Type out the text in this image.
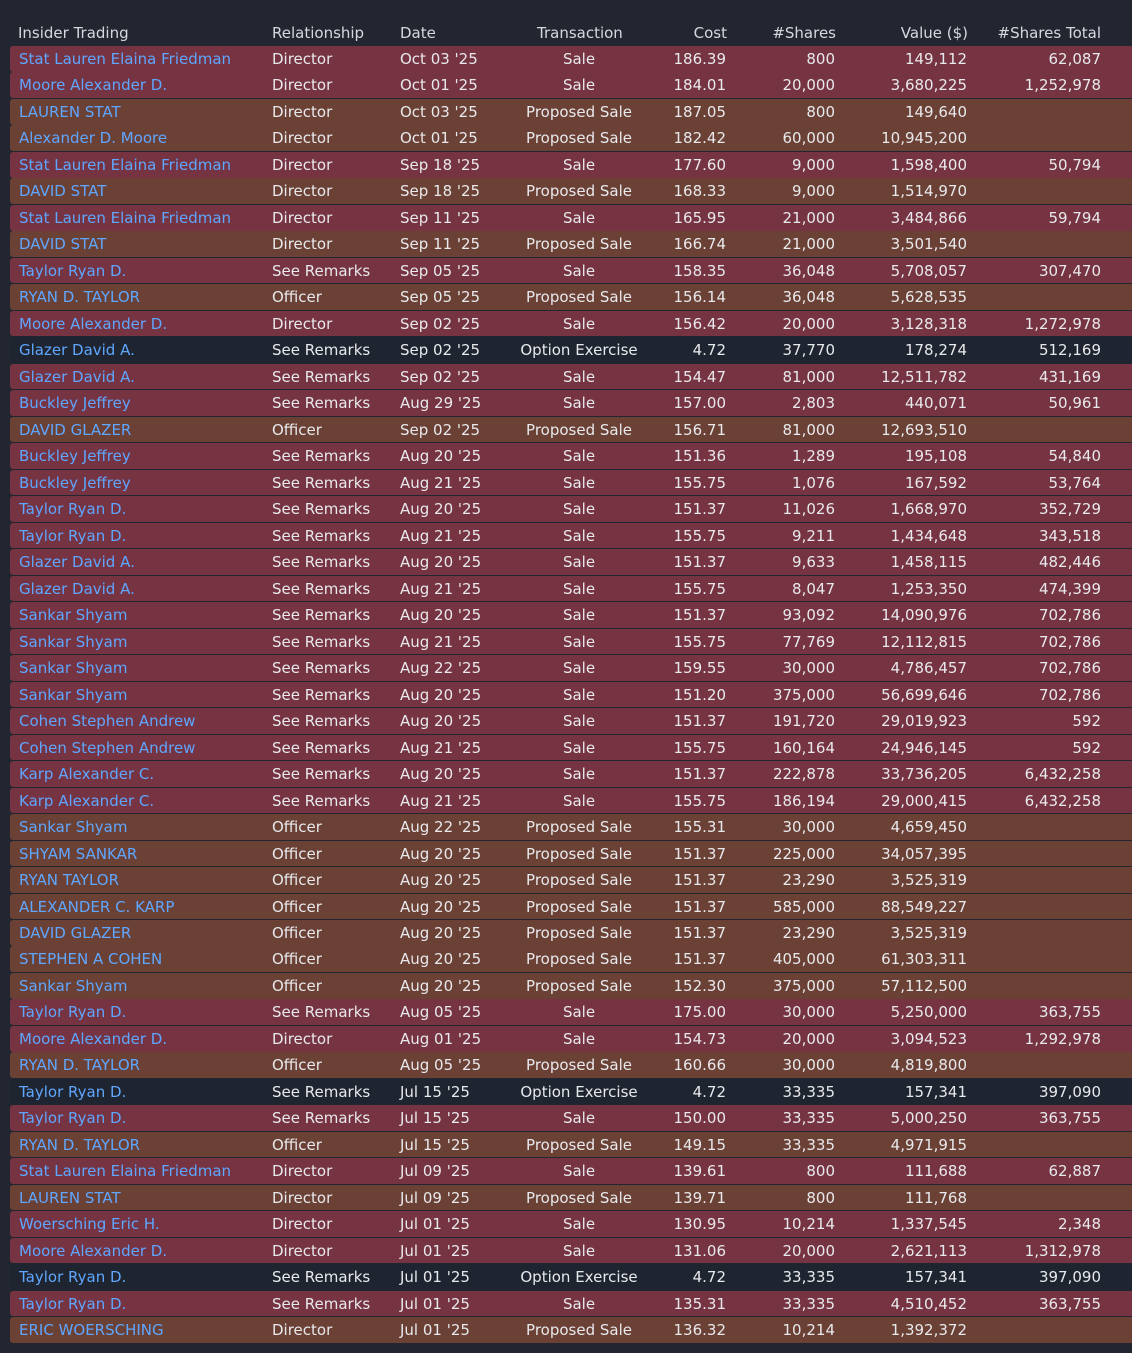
Insider Trading	Relationship Date	Transaction	Cost	#Shares	Value ($) #Shares Total
Stat Lauren Elaina Friedman	Director	Oct 03 '25	Sale	186.39	800	149,112	62,087
Moore Alexander D.	Director	Oct 01 '25	Sale	184.01	20,000	3,680,225	1,252,978
LAUREN STAT	Director	Oct 03 '25	Proposed Sale	187.05	800	149,640
Alexander D. Moore	Director	Oct 01 '25	Proposed Sale	182.42	60,000	10,945,200
Stat Lauren Elaina Friedman	Director	Sep 18 '25	Sale	177.60	9,000	1,598,400	50,794
DAVID STAT	Director	Sep 18 '25	Proposed Sale	168.33	9,000	1,514,970
Stat Lauren Elaina Friedman	Director	Sep 11 '25	Sale	165.95	21,000	3,484,866	59,794
DAVID STAT	Director	Sep 11 '25	Proposed Sale	166.74	21,000	3,501,540
Taylor Ryan D.	See Remarks Sep 05 '25	Sale	158.35	36,048	5,708,057	307,470
RYAN D. TAYLOR	Officer	Sep 05 '25	Proposed Sale	156.14	36,048	5,628,535
Moore Alexander D.	Director	Sep 02 '25	Sale	156.42	20,000	3,128,318	1,272,978
Glazer David A.	See Remarks Sep 02 '25	Option Exercise	4.72	37,770	178,274	512,169
Glazer David A.	See Remarks Sep 02 '25	Sale	154.47	81,000	12,511,782	431,169
Buckley Jeffrey	See Remarks Aug 29 '25	Sale	157.00	2,803	440,071	50,961
DAVID GLAZER	Officer	Sep 02 '25	Proposed Sale	156.71	81,000	12,693,510
Buckley Jeffrey	See Remarks Aug 20 '25	Sale	151.36	1,289	195,108	54,840
Buckley Jeffrey	See Remarks Aug 21 '25	Sale	155.75	1,076	167,592	53,764
Taylor Ryan D.	See Remarks Aug 20 '25	Sale	151.37	11,026	1,668,970	352,729
Taylor Ryan D.	See Remarks Aug 21 '25	Sale	155.75	9,211	1,434,648	343,518
Glazer David A.	See Remarks Aug 20 '25	Sale	151.37	9,633	1,458,115	482,446
Glazer David A.	See Remarks Aug 21 '25	Sale	155.75	8,047	1,253,350	474,399
Sankar Shyam	See Remarks Aug 20 '25	Sale	151.37	93,092	14,090,976	702,786
Sankar Shyam	See Remarks Aug 21 '25	Sale	155.75	77,769	12,112,815	702,786
Sankar Shyam	See Remarks Aug 22 '25	Sale	159.55	30,000	4,786,457	702,786
Sankar Shyam	See Remarks Aug 20 '25	Sale	151.20	375,000	56,699,646	702,786
Cohen Stephen Andrew	See Remarks Aug 20 '25	Sale	151.37	191,720	29,019,923	592
Cohen Stephen Andrew	See Remarks Aug 21 '25	Sale	155.75	160,164	24,946,145	592
Karp Alexander C.	See Remarks Aug 20 '25	Sale	151.37	222,878	33,736,205	6,432,258
Karp Alexander C.	See Remarks Aug 21 '25	Sale	155.75	186,194	29,000,415	6,432,258
Sankar Shyam	Officer	Aug 22 '25	Proposed Sale	155.31	30,000	4,659,450
SHYAM SANKAR	Officer	Aug 20 '25	Proposed Sale	151.37	225,000	34,057,395
RYAN TAYLOR	Officer	Aug 20 '25	Proposed Sale	151.37	23,290	3,525,319
ALEXANDER C. KARP	Officer	Aug 20 '25	Proposed Sale	151.37	585,000	88,549,227
DAVID GLAZER	Officer	Aug 20 '25	Proposed Sale	151.37	23,290	3,525,319
STEPHEN A COHEN	Officer	Aug 20 '25	Proposed Sale	151.37	405,000	61,303,311
Sankar Shyam	Officer	Aug 20 '25	Proposed Sale	152.30	375,000	57,112,500
Taylor Ryan D.	See Remarks Aug 05 '25	Sale	175.00	30,000	5,250,000	363,755
Moore Alexander D.	Director	Aug 01 '25	Sale	154.73	20,000	3,094,523	1,292,978
RYAN D. TAYLOR	Officer	Aug 05 '25	Proposed Sale	160.66	30,000	4,819,800
Taylor Ryan D.	See Remarks Jul 15 '25	Option Exercise	4.72	33,335	157,341	397,090
Taylor Ryan D.	See Remarks Jul 15 '25	Sale	150.00	33,335	5,000,250	363,755
RYAN D. TAYLOR	Officer	Jul 15 '25	Proposed Sale	149.15	33,335	4,971,915
Stat Lauren Elaina Friedman	Director	Jul 09 '25	Sale	139.61	800	111,688	62,887
LAUREN STAT	Director	Jul 09 '25	Proposed Sale	139.71	800	111,768
Woersching Eric H.	Director	Jul 01 '25	Sale	130.95	10,214	1,337,545	2,348
Moore Alexander D.	Director	Jul 01 '25	Sale	131.06	20,000	2,621,113	1,312,978
Taylor Ryan D.	See Remarks Jul 01 '25	Option Exercise	4.72	33,335	157,341	397,090
Taylor Ryan D.	See Remarks Jul 01 '25	Sale	135.31	33,335	4,510,452	363,755
ERIC WOERSCHING	Director	Jul 01 '25	Proposed Sale	136.32	10,214	1,392,372
